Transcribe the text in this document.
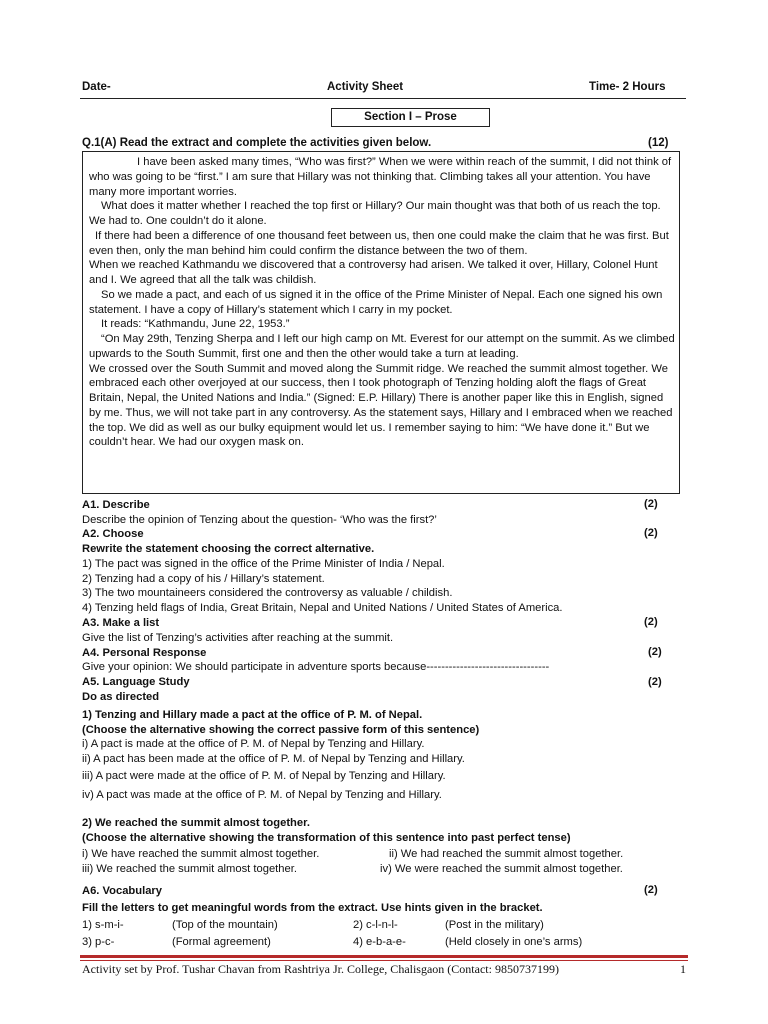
Date-	Activity Sheet	Time- 2 Hours
Section I – Prose
Q.1(A) Read the extract and complete the activities given below.	(12)

I have been asked many times, “Who was first?” When we were within reach of the summit, I did not think of who was going to be “first.” I am sure that Hillary was not thinking that. Climbing takes all your attention. You have many more important worries.

What does it matter whether I reached the top first or Hillary? Our main thought was that both of us reach the top. We had to. One couldn’t do it alone.

If there had been a difference of one thousand feet between us, then one could make the claim that he was first. But even then, only the man behind him could confirm the distance between the two of them.

When we reached Kathmandu we discovered that a controversy had arisen. We talked it over, Hillary, Colonel Hunt and I. We agreed that all the talk was childish.

So we made a pact, and each of us signed it in the office of the Prime Minister of Nepal. Each one signed his own statement. I have a copy of Hillary’s statement which I carry in my pocket.

It reads: “Kathmandu, June 22, 1953.”

“On May 29th, Tenzing Sherpa and I left our high camp on Mt. Everest for our attempt on the summit. As we climbed upwards to the South Summit, first one and then the other would take a turn at leading.

We crossed over the South Summit and moved along the Summit ridge. We reached the summit almost together. We embraced each other overjoyed at our success, then I took photograph of Tenzing holding aloft the flags of Great Britain, Nepal, the United Nations and India.” (Signed: E.P. Hillary) There is another paper like this in English, signed by me. Thus, we will not take part in any controversy. As the statement says, Hillary and I embraced when we reached the top. We did as well as our bulky equipment would let us. I remember saying to him: “We have done it.” But we couldn’t hear. We had our oxygen mask on.

A1. Describe	(2)
Describe the opinion of Tenzing about the question- ‘Who was the first?’
A2. Choose	(2)
Rewrite the statement choosing the correct alternative.
1) The pact was signed in the office of the Prime Minister of India / Nepal.
2) Tenzing had a copy of his / Hillary’s statement.
3) The two mountaineers considered the controversy as valuable / childish.
4) Tenzing held flags of India, Great Britain, Nepal and United Nations / United States of America.
A3. Make a list	(2)
Give the list of Tenzing’s activities after reaching at the summit.
A4. Personal Response	(2)
Give your opinion: We should participate in adventure sports because---------------------------------
A5. Language Study	(2)
Do as directed
1) Tenzing and Hillary made a pact at the office of P. M. of Nepal.
(Choose the alternative showing the correct passive form of this sentence)
i) A pact is made at the office of P. M. of Nepal by Tenzing and Hillary.
ii) A pact has been made at the office of P. M. of Nepal by Tenzing and Hillary.
iii) A pact were made at the office of P. M. of Nepal by Tenzing and Hillary.
iv) A pact was made at the office of P. M. of Nepal by Tenzing and Hillary.
2) We reached the summit almost together.
(Choose the alternative showing the transformation of this sentence into past perfect tense)
i) We have reached the summit almost together.	ii) We had reached the summit almost together.
iii) We reached the summit almost together.	iv) We were reached the summit almost together.
A6. Vocabulary	(2)
Fill the letters to get meaningful words from the extract. Use hints given in the bracket.
1) s-m-i-	(Top of the mountain)	2) c-l-n-l-	(Post in the military)
3) p-c-	(Formal agreement)	4) e-b-a-e-	(Held closely in one’s arms)
Activity set by Prof. Tushar Chavan from Rashtriya Jr. College, Chalisgaon (Contact: 9850737199)	1
